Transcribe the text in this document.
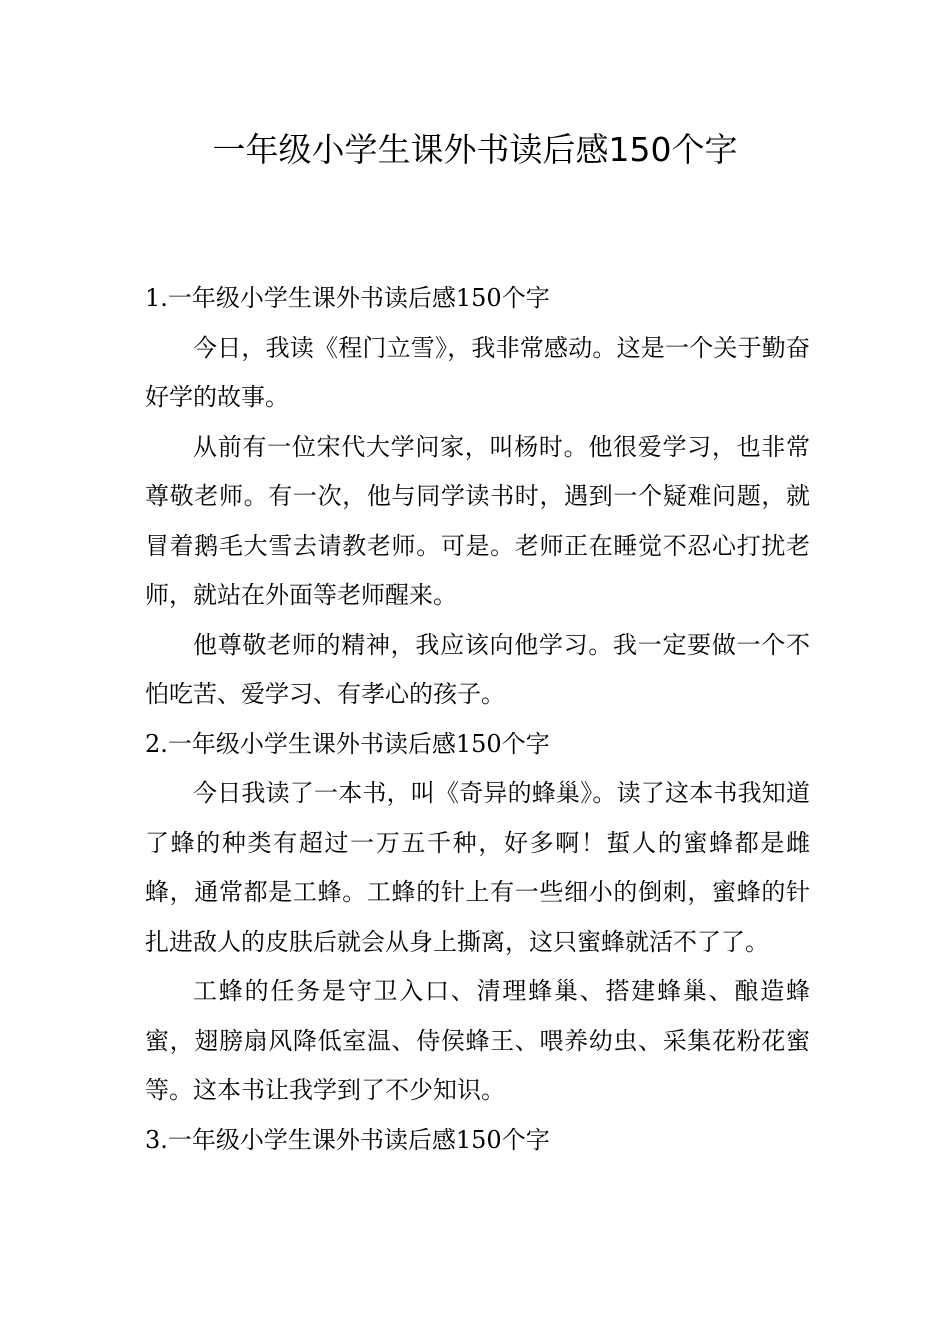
一年级小学生课外书读后感150个字
1.一年级小学生课外书读后感150个字

今日，我读《程门立雪》，我非常感动。这是一个关于勤奋好学的故事。

从前有一位宋代大学问家，叫杨时。他很爱学习，也非常尊敬老师。有一次，他与同学读书时，遇到一个疑难问题，就冒着鹅毛大雪去请教老师。可是。老师正在睡觉不忍心打扰老师，就站在外面等老师醒来。

他尊敬老师的精神，我应该向他学习。我一定要做一个不怕吃苦、爱学习、有孝心的孩子。

2.一年级小学生课外书读后感150个字

今日我读了一本书，叫《奇异的蜂巢》。读了这本书我知道了蜂的种类有超过一万五千种，好多啊！蜇人的蜜蜂都是雌蜂，通常都是工蜂。工蜂的针上有一些细小的倒刺，蜜蜂的针扎进敌人的皮肤后就会从身上撕离，这只蜜蜂就活不了了。

工蜂的任务是守卫入口、清理蜂巢、搭建蜂巢、酿造蜂蜜，翅膀扇风降低室温、侍侯蜂王、喂养幼虫、采集花粉花蜜等。这本书让我学到了不少知识。

3.一年级小学生课外书读后感150个字
